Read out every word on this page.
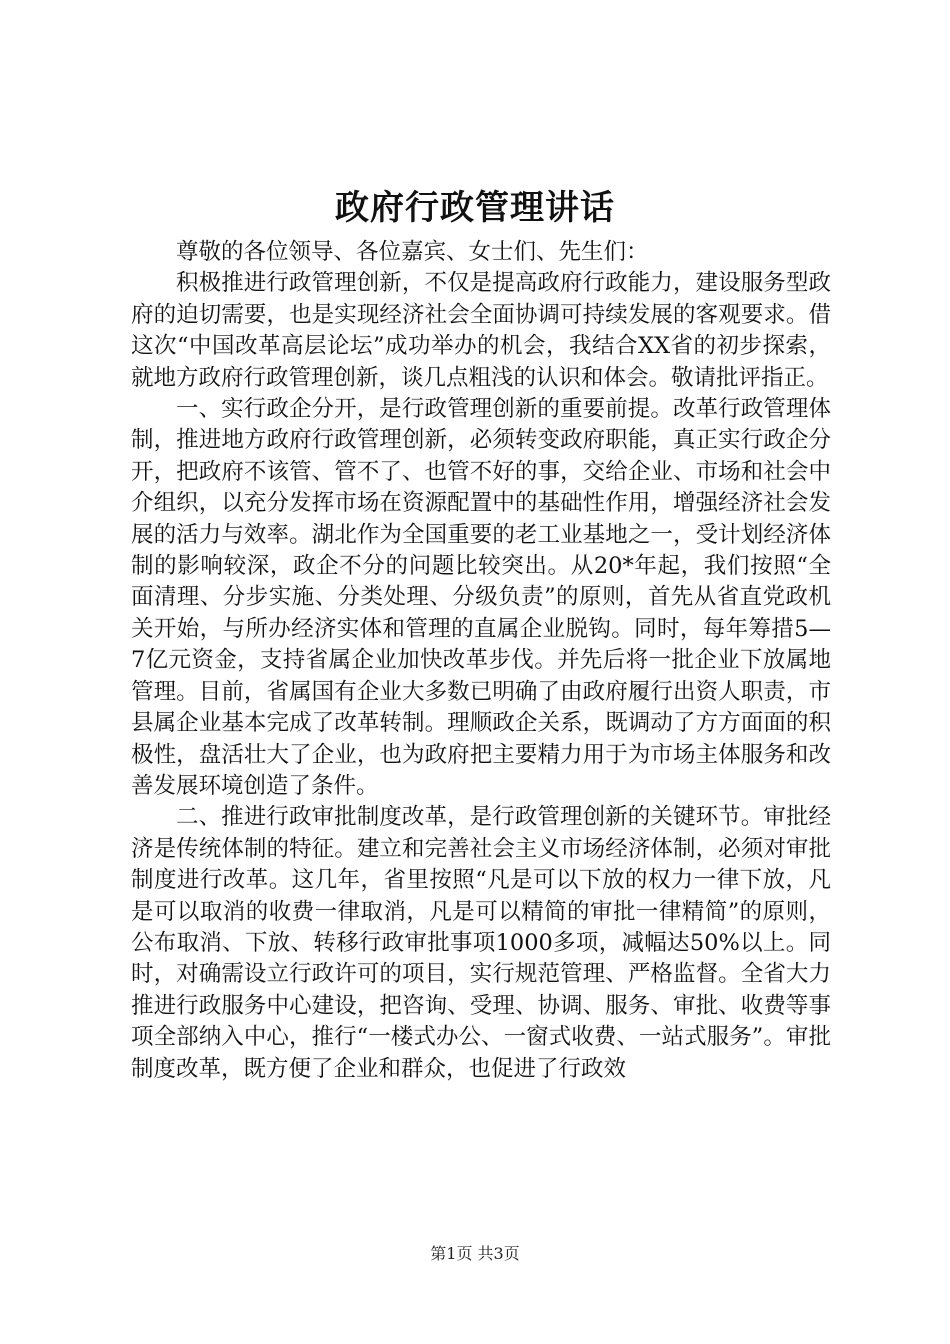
政府行政管理讲话

尊敬的各位领导、各位嘉宾、女士们、先生们：

积极推进行政管理创新，不仅是提高政府行政能力，建设服务型政府的迫切需要，也是实现经济社会全面协调可持续发展的客观要求。借这次“中国改革高层论坛”成功举办的机会，我结合XX省的初步探索，就地方政府行政管理创新，谈几点粗浅的认识和体会。敬请批评指正。

一、实行政企分开，是行政管理创新的重要前提。改革行政管理体制，推进地方政府行政管理创新，必须转变政府职能，真正实行政企分开，把政府不该管、管不了、也管不好的事，交给企业、市场和社会中介组织，以充分发挥市场在资源配置中的基础性作用，增强经济社会发展的活力与效率。湖北作为全国重要的老工业基地之一，受计划经济体制的影响较深，政企不分的问题比较突出。从20*年起，我们按照“全面清理、分步实施、分类处理、分级负责”的原则，首先从省直党政机关开始，与所办经济实体和管理的直属企业脱钩。同时，每年筹措5—7亿元资金，支持省属企业加快改革步伐。并先后将一批企业下放属地管理。目前，省属国有企业大多数已明确了由政府履行出资人职责，市县属企业基本完成了改革转制。理顺政企关系，既调动了方方面面的积极性，盘活壮大了企业，也为政府把主要精力用于为市场主体服务和改善发展环境创造了条件。

二、推进行政审批制度改革，是行政管理创新的关键环节。审批经济是传统体制的特征。建立和完善社会主义市场经济体制，必须对审批制度进行改革。这几年，省里按照“凡是可以下放的权力一律下放，凡是可以取消的收费一律取消，凡是可以精简的审批一律精简”的原则，公布取消、下放、转移行政审批事项1000多项，减幅达50%以上。同时，对确需设立行政许可的项目，实行规范管理、严格监督。全省大力推进行政服务中心建设，把咨询、受理、协调、服务、审批、收费等事项全部纳入中心，推行“一楼式办公、一窗式收费、一站式服务”。审批制度改革，既方便了企业和群众，也促进了行政效

第1页 共3页
